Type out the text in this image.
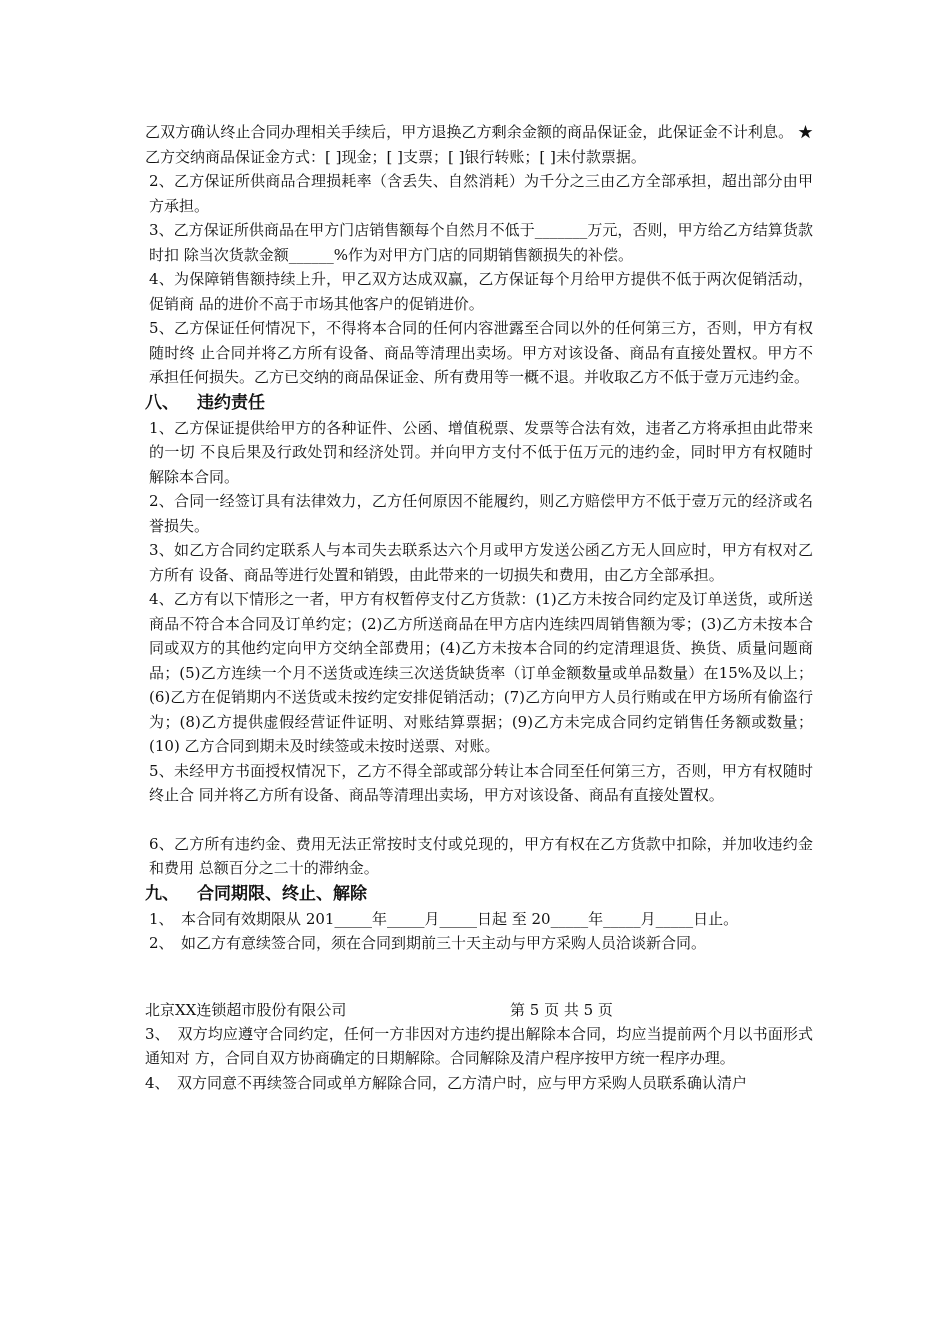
乙双方确认终止合同办理相关手续后，甲方退换乙方剩余金额的商品保证金，此保证金不计利息。 ★乙方交纳商品保证金方式：[ ]现金；[ ]支票；[ ]银行转账；[ ]未付款票据。

2、乙方保证所供商品合理损耗率（含丢失、自然消耗）为千分之三由乙方全部承担，超出部分由甲方承担。

3、乙方保证所供商品在甲方门店销售额每个自然月不低于_______万元，否则，甲方给乙方结算货款时扣 除当次货款金额______%作为对甲方门店的同期销售额损失的补偿。

4、为保障销售额持续上升，甲乙双方达成双赢，乙方保证每个月给甲方提供不低于两次促销活动，促销商 品的进价不高于市场其他客户的促销进价。

5、乙方保证任何情况下，不得将本合同的任何内容泄露至合同以外的任何第三方，否则，甲方有权随时终 止合同并将乙方所有设备、商品等清理出卖场。甲方对该设备、商品有直接处置权。甲方不承担任何损失。乙方已交纳的商品保证金、所有费用等一概不退。并收取乙方不低于壹万元违约金。

八、 违约责任

1、乙方保证提供给甲方的各种证件、公函、增值税票、发票等合法有效，违者乙方将承担由此带来的一切 不良后果及行政处罚和经济处罚。并向甲方支付不低于伍万元的违约金，同时甲方有权随时解除本合同。

2、合同一经签订具有法律效力，乙方任何原因不能履约，则乙方赔偿甲方不低于壹万元的经济或名誉损失。

3、如乙方合同约定联系人与本司失去联系达六个月或甲方发送公函乙方无人回应时，甲方有权对乙方所有 设备、商品等进行处置和销毁，由此带来的一切损失和费用，由乙方全部承担。

4、乙方有以下情形之一者，甲方有权暂停支付乙方货款：(1)乙方未按合同约定及订单送货，或所送商品不符合本合同及订单约定；(2)乙方所送商品在甲方店内连续四周销售额为零；(3)乙方未按本合同或双方的其他约定向甲方交纳全部费用；(4)乙方未按本合同的约定清理退货、换货、质量问题商品；(5)乙方连续一个月不送货或连续三次送货缺货率（订单金额数量或单品数量）在15%及以上；(6)乙方在促销期内不送货或未按约定安排促销活动；(7)乙方向甲方人员行贿或在甲方场所有偷盗行为；(8)乙方提供虚假经营证件证明、对账结算票据；(9)乙方未完成合同约定销售任务额或数量；(10) 乙方合同到期未及时续签或未按时送票、对账。

5、未经甲方书面授权情况下，乙方不得全部或部分转让本合同至任何第三方，否则，甲方有权随时终止合 同并将乙方所有设备、商品等清理出卖场，甲方对该设备、商品有直接处置权。

6、乙方所有违约金、费用无法正常按时支付或兑现的，甲方有权在乙方货款中扣除，并加收违约金和费用 总额百分之二十的滞纳金。

九、 合同期限、终止、解除

1、　本合同有效期限从 201_____年_____月_____日起 至 20_____年_____月_____日止。

2、　如乙方有意续签合同，须在合同到期前三十天主动与甲方采购人员洽谈新合同。

北京XX连锁超市股份有限公司	第 5 页 共 5 页

3、　双方均应遵守合同约定，任何一方非因对方违约提出解除本合同，均应当提前两个月以书面形式通知对 方，合同自双方协商确定的日期解除。合同解除及清户程序按甲方统一程序办理。

4、　双方同意不再续签合同或单方解除合同，乙方清户时，应与甲方采购人员联系确认清户
